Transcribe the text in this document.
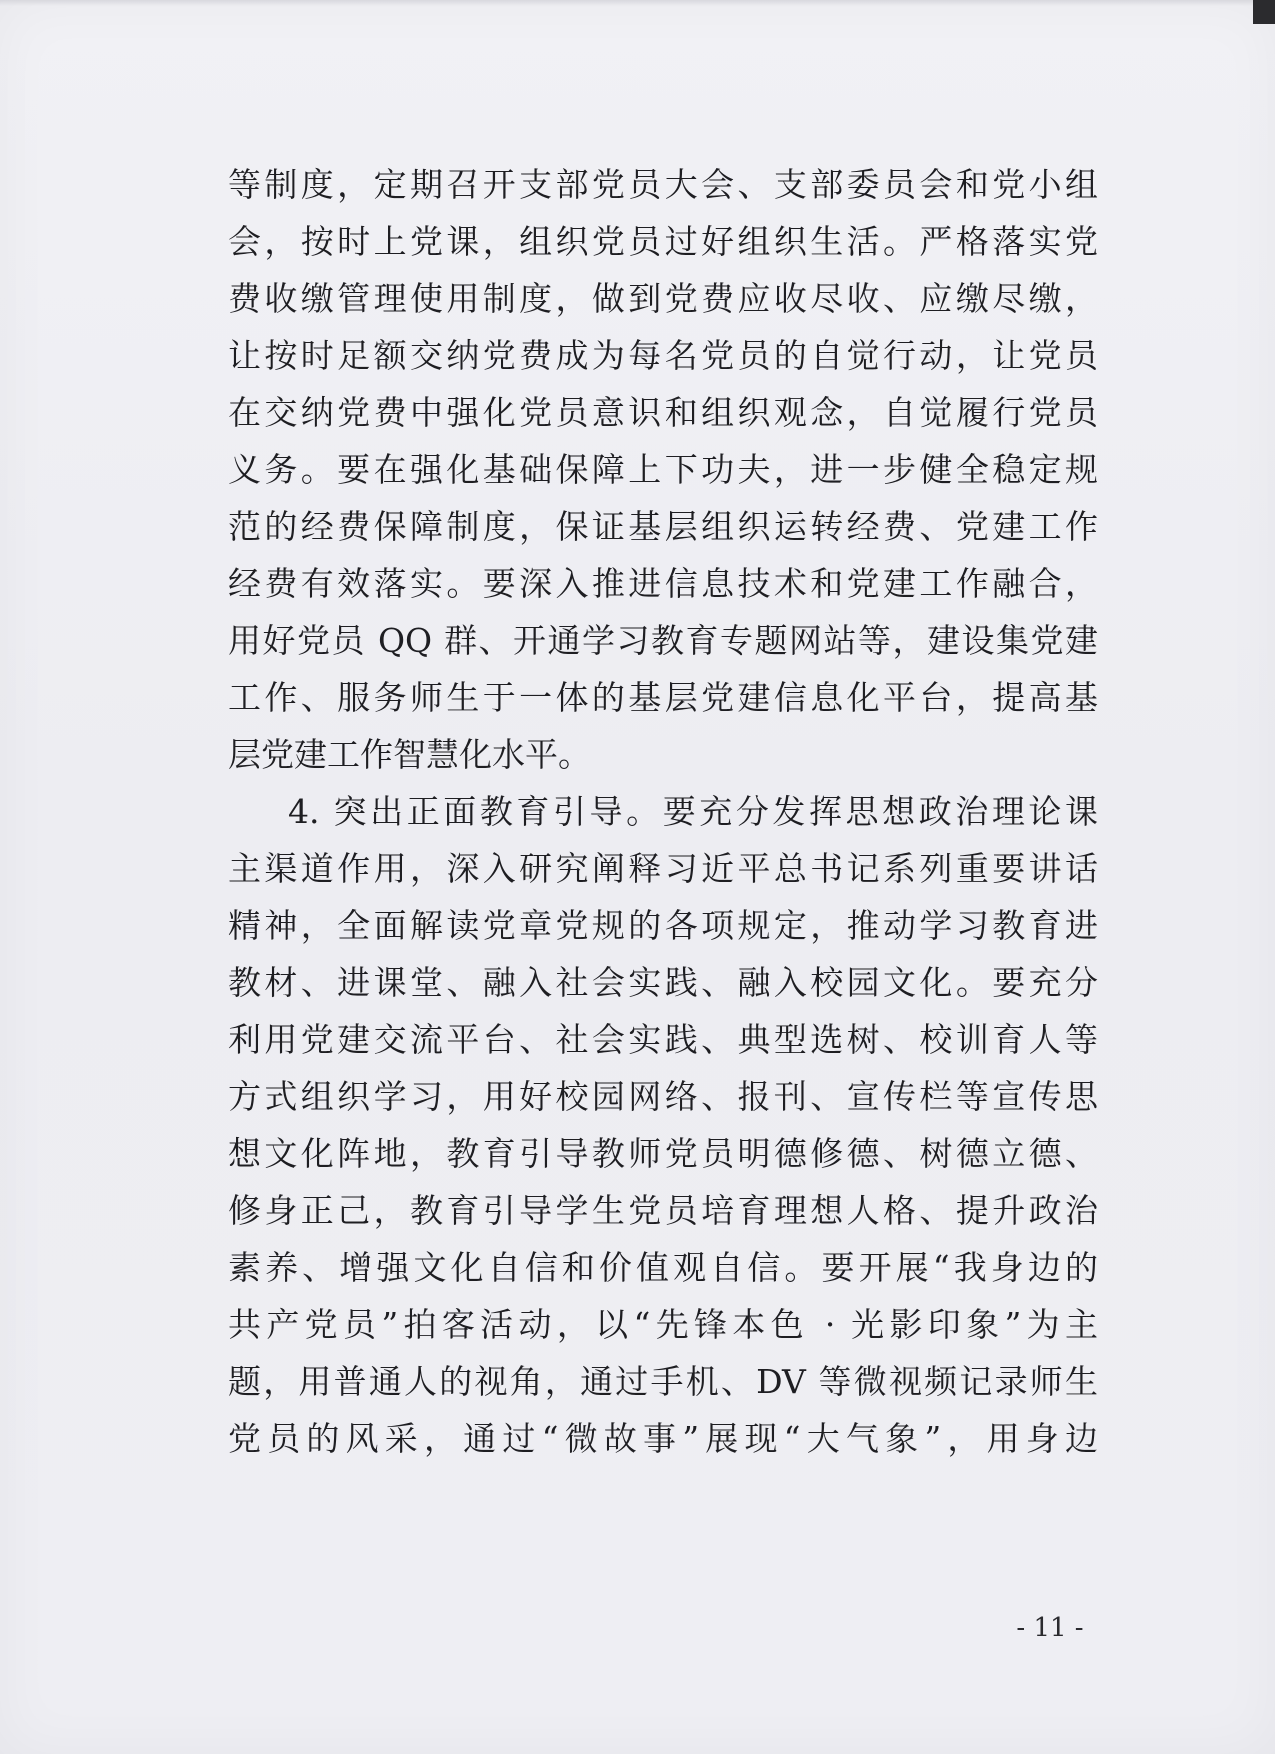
等制度，定期召开支部党员大会、支部委员会和党小组

会，按时上党课，组织党员过好组织生活。严格落实党

费收缴管理使用制度，做到党费应收尽收、应缴尽缴，

让按时足额交纳党费成为每名党员的自觉行动，让党员

在交纳党费中强化党员意识和组织观念，自觉履行党员

义务。要在强化基础保障上下功夫，进一步健全稳定规

范的经费保障制度，保证基层组织运转经费、党建工作

经费有效落实。要深入推进信息技术和党建工作融合，

用好党员 QQ 群、开通学习教育专题网站等，建设集党建

工作、服务师生于一体的基层党建信息化平台，提高基

层党建工作智慧化水平。

4. 突出正面教育引导。要充分发挥思想政治理论课

主渠道作用，深入研究阐释习近平总书记系列重要讲话

精神，全面解读党章党规的各项规定，推动学习教育进

教材、进课堂、融入社会实践、融入校园文化。要充分

利用党建交流平台、社会实践、典型选树、校训育人等

方式组织学习，用好校园网络、报刊、宣传栏等宣传思

想文化阵地，教育引导教师党员明德修德、树德立德、

修身正己，教育引导学生党员培育理想人格、提升政治

素养、增强文化自信和价值观自信。要开展“我身边的

共产党员”拍客活动，以“先锋本色 · 光影印象”为主

题，用普通人的视角，通过手机、DV 等微视频记录师生

党员的风采，通过“微故事”展现“大气象”，用身边

- 11 -
